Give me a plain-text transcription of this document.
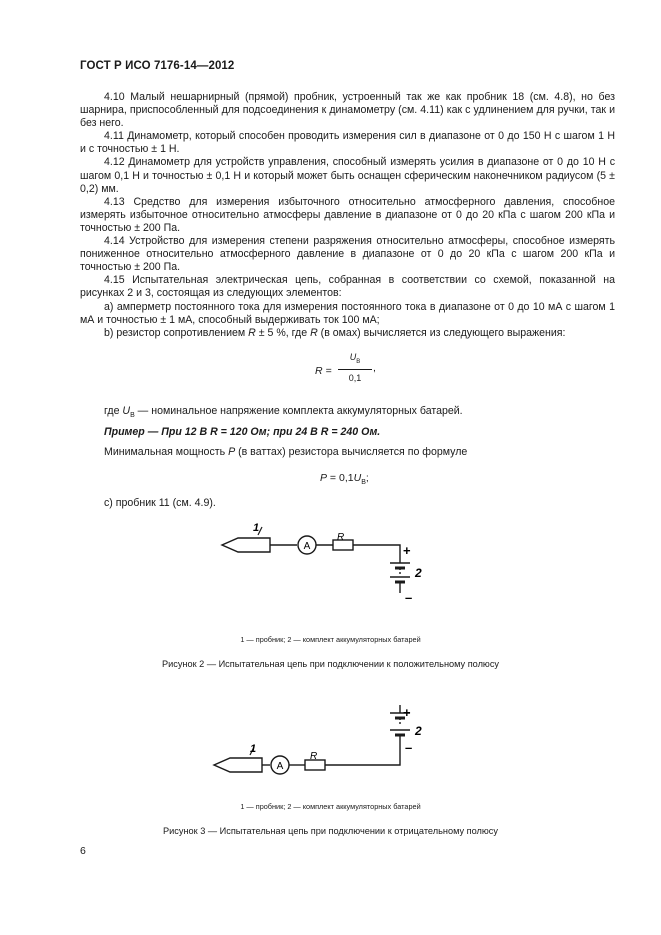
ГОСТ Р ИСО 7176-14—2012

4.10 Малый нешарнирный (прямой) пробник, устроенный так же как пробник 18 (см. 4.8), но без шарнира, приспособленный для подсоединения к динамометру (см. 4.11) как с удлинением для ручки, так и без него.

4.11 Динамометр, который способен проводить измерения сил в диапазоне от 0 до 150 Н с шагом 1 Н и с точностью ± 1 Н.

4.12 Динамометр для устройств управления, способный измерять усилия в диапазоне от 0 до 10 Н с шагом 0,1 Н и точностью ± 0,1 Н и который может быть оснащен сферическим наконечником радиусом (5 ± 0,2) мм.

4.13 Средство для измерения избыточного относительно атмосферного давления, способное измерять избыточное относительно атмосферы давление в диапазоне от 0 до 20 кПа с шагом 200 кПа и точностью ± 200 Па.

4.14 Устройство для измерения степени разряжения относительно атмосферы, способное измерять пониженное относительно атмосферного давление в диапазоне от 0 до 20 кПа с шагом 200 кПа и точностью ± 200 Па.

4.15 Испытательная электрическая цепь, собранная в соответствии со схемой, показанной на рисунках 2 и 3, состоящая из следующих элементов:

a) амперметр постоянного тока для измерения постоянного тока в диапазоне от 0 до 10 мА с шагом 1 мА и точностью ± 1 мА, способный выдерживать ток 100 мА;

b) резистор сопротивлением R ± 5 %, где R (в омах) вычисляется из следующего выражения:

R =
$U_B$
0,1
,
где $U_B$ — номинальное напряжение комплекта аккумуляторных батарей.
Пример — При 12 В R = 120 Ом; при 24 В R = 240 Ом.
Минимальная мощность P (в ваттах) резистора вычисляется по формуле
$P = 0,1U_B$;
c) пробник 11 (см. 4.9).
1
A
R
+
–
2
1 — пробник; 2 — комплект аккумуляторных батарей
Рисунок 2 — Испытательная цепь при подключении к положительному полюсу
1
A
R
+
–
2
1 — пробник; 2 — комплект аккумуляторных батарей
Рисунок 3 — Испытательная цепь при подключении к отрицательному полюсу
6
